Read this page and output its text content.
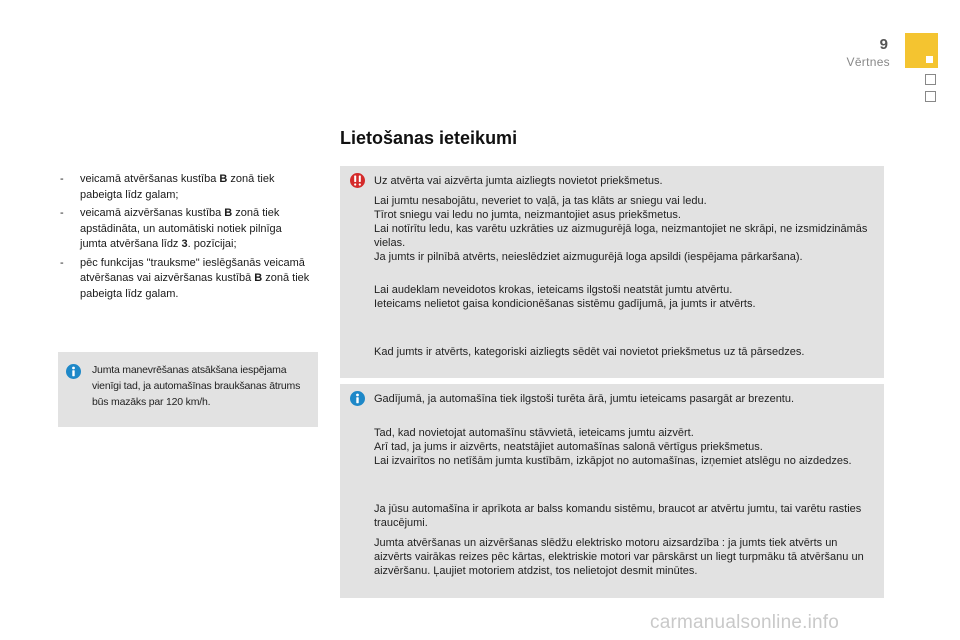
9
Vērtnes
Lietošanas ieteikumi
- veicamā atvēršanas kustība B zonā tiek pabeigta līdz galam;
- veicamā aizvēršanas kustība B zonā tiek apstādināta, un automātiski notiek pilnīga jumta atvēršana līdz 3. pozīcijai;
- pēc funkcijas "trauksme" ieslēgšanās veicamā atvēršanas vai aizvēršanas kustībā B zonā tiek pabeigta līdz galam.
Jumta manevrēšanas atsākšana iespējama vienīgi tad, ja automašīnas braukšanas ātrums būs mazāks par 120 km/h.
Uz atvērta vai aizvērta jumta aizliegts novietot priekšmetus.
Lai jumtu nesabojātu, neveriet to vaļā, ja tas klāts ar sniegu vai ledu.
Tīrot sniegu vai ledu no jumta, neizmantojiet asus priekšmetus.
Lai notīrītu ledu, kas varētu uzkrāties uz aizmugurējā loga, neizmantojiet ne skrāpi, ne izsmidzināmās vielas.
Ja jumts ir pilnībā atvērts, neieslēdziet aizmugurējā loga apsildi (iespējama pārkaršana).
Lai audeklam neveidotos krokas, ieteicams ilgstoši neatstāt jumtu atvērtu.
Ieteicams nelietot gaisa kondicionēšanas sistēmu gadījumā, ja jumts ir atvērts.
Kad jumts ir atvērts, kategoriski aizliegts sēdēt vai novietot priekšmetus uz tā pārsedzes.
Gadījumā, ja automašīna tiek ilgstoši turēta ārā, jumtu ieteicams pasargāt ar brezentu.
Tad, kad novietojat automašīnu stāvvietā, ieteicams jumtu aizvērt.
Arī tad, ja jums ir aizvērts, neatstājiet automašīnas salonā vērtīgus priekšmetus.
Lai izvairītos no netīšām jumta kustībām, izkāpjot no automašīnas, izņemiet atslēgu no aizdedzes.
Ja jūsu automašīna ir aprīkota ar balss komandu sistēmu, braucot ar atvērtu jumtu, tai varētu rasties traucējumi.
Jumta atvēršanas un aizvēršanas slēdžu elektrisko motoru aizsardzība : ja jumts tiek atvērts un aizvērts vairākas reizes pēc kārtas, elektriskie motori var pārskārst un liegt turpmāku tā atvēršanu un aizvēršanu. Ļaujiet motoriem atdzist, tos nelietojot desmit minūtes.
carmanualsonline.info
